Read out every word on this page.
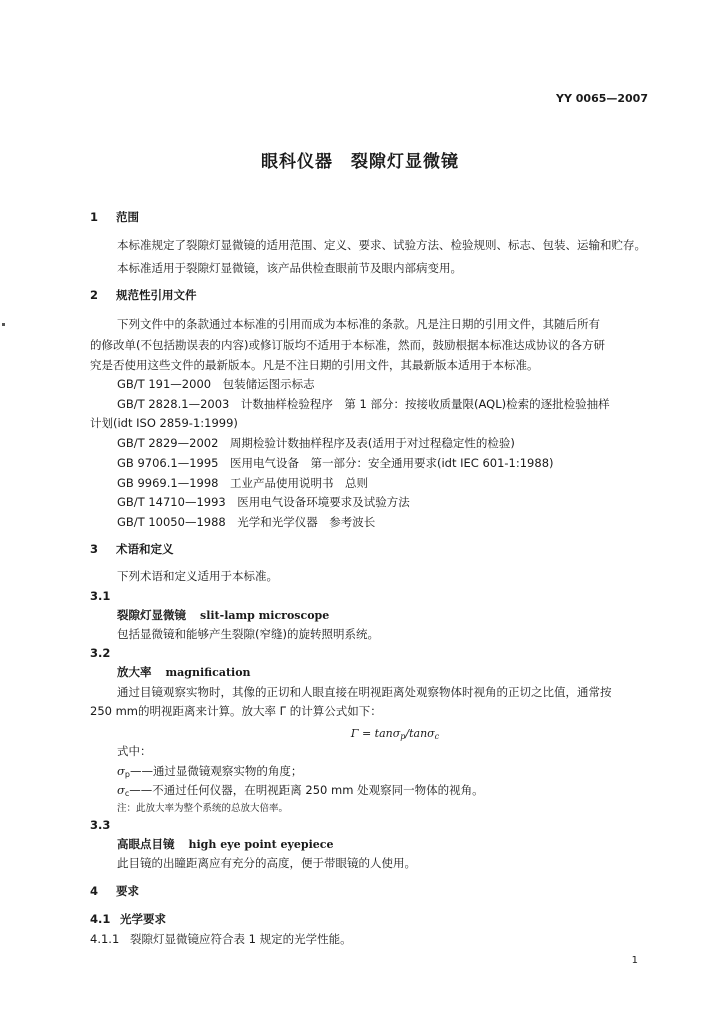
YY 0065—2007
眼科仪器　裂隙灯显微镜
1 范围
本标准规定了裂隙灯显微镜的适用范围、定义、要求、试验方法、检验规则、标志、包装、运输和贮存。
本标准适用于裂隙灯显微镜，该产品供检查眼前节及眼内部病变用。
2 规范性引用文件
下列文件中的条款通过本标准的引用而成为本标准的条款。凡是注日期的引用文件，其随后所有
的修改单(不包括勘误表的内容)或修订版均不适用于本标准，然而，鼓励根据本标准达成协议的各方研
究是否使用这些文件的最新版本。凡是不注日期的引用文件，其最新版本适用于本标准。
GB/T 191—2000　包装储运图示标志
GB/T 2828.1—2003　计数抽样检验程序　第 1 部分：按接收质量限(AQL)检索的逐批检验抽样
计划(idt ISO 2859-1:1999)
GB/T 2829—2002　周期检验计数抽样程序及表(适用于对过程稳定性的检验)
GB 9706.1—1995　医用电气设备　第一部分：安全通用要求(idt IEC 601-1:1988)
GB 9969.1—1998　工业产品使用说明书　总则
GB/T 14710—1993　医用电气设备环境要求及试验方法
GB/T 10050—1988　光学和光学仪器　参考波长
3 术语和定义
下列术语和定义适用于本标准。
3.1
裂隙灯显微镜 slit-lamp microscope
包括显微镜和能够产生裂隙(窄缝)的旋转照明系统。
3.2
放大率 magnification
通过目镜观察实物时，其像的正切和人眼直接在明视距离处观察物体时视角的正切之比值，通常按
250 mm的明视距离来计算。放大率 Γ 的计算公式如下：
Γ = tanσ$_p$/tanσ$_c$
式中：
$\sigma_p——$通过显微镜观察实物的角度；
$\sigma_c——$不通过任何仪器，在明视距离 250 mm 处观察同一物体的视角。
注：此放大率为整个系统的总放大倍率。
3.3
高眼点目镜 high eye point eyepiece
此目镜的出瞳距离应有充分的高度，便于带眼镜的人使用。
4 要求
4.1 光学要求
4.1.1 裂隙灯显微镜应符合表 1 规定的光学性能。
1
